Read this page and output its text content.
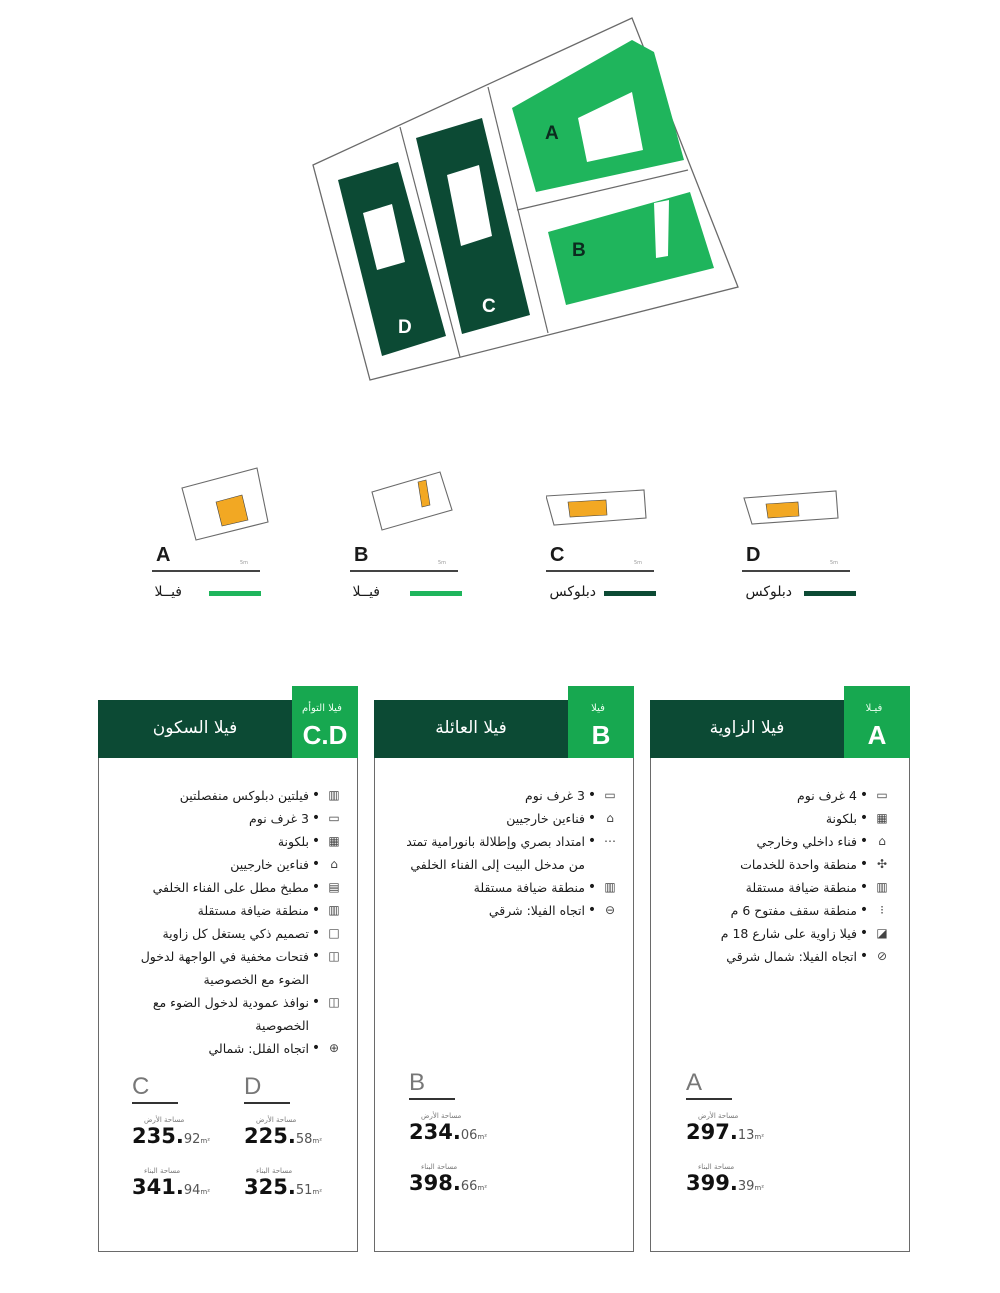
A
B
C
D
A	5m
فيــلا
B	5m
فيــلا
C	5m
دبلوكس
D	5m
دبلوكس
فيلا السكون
فيلا التوأم
C.D
▥
•
فيلتين دبلوكس منفصلتين
▭
•
3 غرف نوم
▦
•
بلكونة
⌂
•
فناءين خارجيين
▤
•
مطبخ مطل على الفناء الخلفي
▥
•
منطقة ضيافة مستقلة
□
•
تصميم ذكي يستغل كل زاوية
◫
•
فتحات مخفية في الواجهة لدخول الضوء مع الخصوصية
◫
•
نوافذ عمودية لدخول الضوء مع الخصوصية
⊕
•
اتجاه الفلل: شمالي
C
مساحة الأرض
235.92m²
مساحة البناء
341.94m²
D
مساحة الأرض
225.58m²
مساحة البناء
325.51m²
فيلا العائلة
فيلا
B
▭
•
3 غرف نوم
⌂
•
فناءين خارجيين
⋯
•
امتداد بصري وإطلالة بانورامية تمتد من مدخل البيت إلى الفناء الخلفي
▥
•
منطقة ضيافة مستقلة
⊖
•
اتجاه الفيلا: شرقي
B
مساحة الأرض
234.06m²
مساحة البناء
398.66m²
فيلا الزاوية
فيـلا
A
▭
•
4 غرف نوم
▦
•
بلكونة
⌂
•
فناء داخلي وخارجي
✣
•
منطقة واحدة للخدمات
▥
•
منطقة ضيافة مستقلة
⁝
•
منطقة سقف مفتوح 6 م
◪
•
فيلا زاوية على شارع 18 م
⊘
•
اتجاه الفيلا: شمال شرقي
A
مساحة الأرض
297.13m²
مساحة البناء
399.39m²
